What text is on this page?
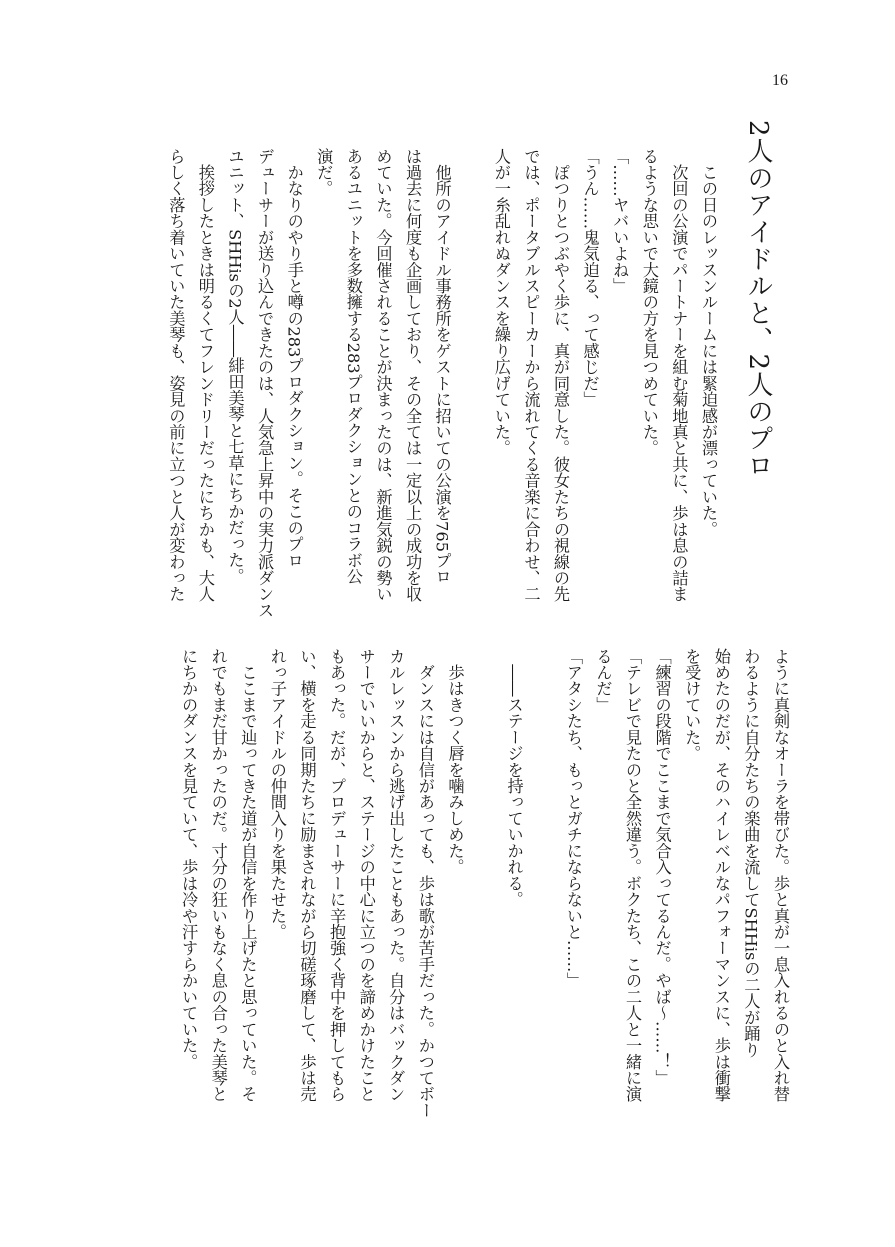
16
2人のアイドルと、2人のプロ
　この日のレッスンルームには緊迫感が漂っていた。
　次回の公演でパートナーを組む菊地真と共に、歩は息の詰ま
るような思いで大鏡の方を見つめていた。
「……ヤバいよね」
「うん……鬼気迫る、って感じだ」
　ぽつりとつぶやく歩に、真が同意した。彼女たちの視線の先
では、ポータブルスピーカーから流れてくる音楽に合わせ、二
人が一糸乱れぬダンスを繰り広げていた。
　他所のアイドル事務所をゲストに招いての公演を765プロ
は過去に何度も企画しており、その全ては一定以上の成功を収
めていた。今回催されることが決まったのは、新進気鋭の勢い
あるユニットを多数擁する283プロダクションとのコラボ公
演だ。
　かなりのやり手と噂の283プロダクション。そこのプロ
デューサーが送り込んできたのは、人気急上昇中の実力派ダンス
ユニット、SHHisの2人――緋田美琴と七草にちかだった。
　挨拶したときは明るくてフレンドリーだったにちかも、大人
らしく落ち着いていた美琴も、姿見の前に立つと人が変わった
ように真剣なオーラを帯びた。歩と真が一息入れるのと入れ替
わるように自分たちの楽曲を流してSHHisの二人が踊り
始めたのだが、そのハイレベルなパフォーマンスに、歩は衝撃
を受けていた。
「練習の段階でここまで気合入ってるんだ。やば〜……！」
「テレビで見たのと全然違う。ボクたち、この二人と一緒に演
るんだ」
「アタシたち、もっとガチにならないと……」
　――ステージを持っていかれる。
　歩はきつく唇を噛みしめた。
　ダンスには自信があっても、歩は歌が苦手だった。かつてボー
カルレッスンから逃げ出したこともあった。自分はバックダン
サーでいいからと、ステージの中心に立つのを諦めかけたこと
もあった。だが、プロデューサーに辛抱強く背中を押してもら
い、横を走る同期たちに励まされながら切磋琢磨して、歩は売
れっ子アイドルの仲間入りを果たせた。
　ここまで辿ってきた道が自信を作り上げたと思っていた。そ
れでもまだ甘かったのだ。寸分の狂いもなく息の合った美琴と
にちかのダンスを見ていて、歩は冷や汗すらかいていた。
